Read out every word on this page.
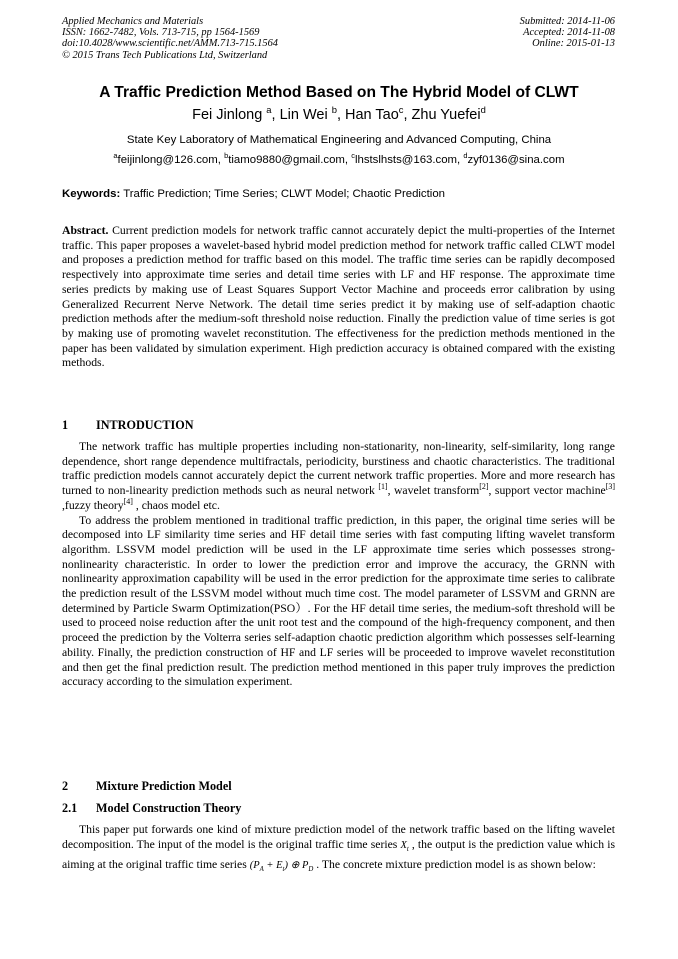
Applied Mechanics and Materials
ISSN: 1662-7482, Vols. 713-715, pp 1564-1569
doi:10.4028/www.scientific.net/AMM.713-715.1564
© 2015 Trans Tech Publications Ltd, Switzerland
Submitted: 2014-11-06
Accepted: 2014-11-08
Online: 2015-01-13
A Traffic Prediction Method Based on The Hybrid Model of CLWT
Fei Jinlong $^a$, Lin Wei $^b$, Han Tao$^c$, Zhu Yuefei$^d$
State Key Laboratory of Mathematical Engineering and Advanced Computing, China
$^a$feijinlong@126.com, $^b$tiamo9880@gmail.com, $^c$lhstslhsts@163.com, $^d$zyf0136@sina.com
Keywords: Traffic Prediction; Time Series; CLWT Model; Chaotic Prediction
Abstract. Current prediction models for network traffic cannot accurately depict the multi-properties of the Internet traffic. This paper proposes a wavelet-based hybrid model prediction method for network traffic called CLWT model and proposes a prediction method for traffic based on this model. The traffic time series can be rapidly decomposed respectively into approximate time series and detail time series with LF and HF response. The approximate time series predicts by making use of Least Squares Support Vector Machine and proceeds error calibration by using Generalized Recurrent Nerve Network. The detail time series predict it by making use of self-adaption chaotic prediction methods after the medium-soft threshold noise reduction. Finally the prediction value of time series is got by making use of promoting wavelet reconstitution. The effectiveness for the prediction methods mentioned in the paper has been validated by simulation experiment. High prediction accuracy is obtained compared with the existing methods.
1 INTRODUCTION

The network traffic has multiple properties including non-stationarity, non-linearity, self-similarity, long range dependence, short range dependence multifractals, periodicity, burstiness and chaotic characteristics. The traditional traffic prediction models cannot accurately depict the current network traffic properties. More and more research has turned to non-linearity prediction methods such as neural network [1], wavelet transform[2], support vector machine[3] ,fuzzy theory[4] , chaos model etc.

To address the problem mentioned in traditional traffic prediction, in this paper, the original time series will be decomposed into LF similarity time series and HF detail time series with fast computing lifting wavelet transform algorithm. LSSVM model prediction will be used in the LF approximate time series which possesses strong-nonlinearity characteristic. In order to lower the prediction error and improve the accuracy, the GRNN with nonlinearity approximation capability will be used in the error prediction for the approximate time series to calibrate the prediction result of the LSSVM model without much time cost. The model parameter of LSSVM and GRNN are determined by Particle Swarm Optimization(PSO）. For the HF detail time series, the medium-soft threshold will be used to proceed noise reduction after the unit root test and the compound of the high-frequency component, and then proceed the prediction by the Volterra series self-adaption chaotic prediction algorithm which possesses self-learning ability. Finally, the prediction construction of HF and LF series will be proceeded to improve wavelet reconstitution and then get the final prediction result. The prediction method mentioned in this paper truly improves the prediction accuracy according to the simulation experiment.

2 Mixture Prediction Model
2.1 Model Construction Theory

This paper put forwards one kind of mixture prediction model of the network traffic based on the lifting wavelet decomposition. The input of the model is the original traffic time series $X_t$ , the output is the prediction value which is aiming at the original traffic time series $(P_A + E_t)$ ⊕ $P_D$ . The concrete mixture prediction model is as shown below:
